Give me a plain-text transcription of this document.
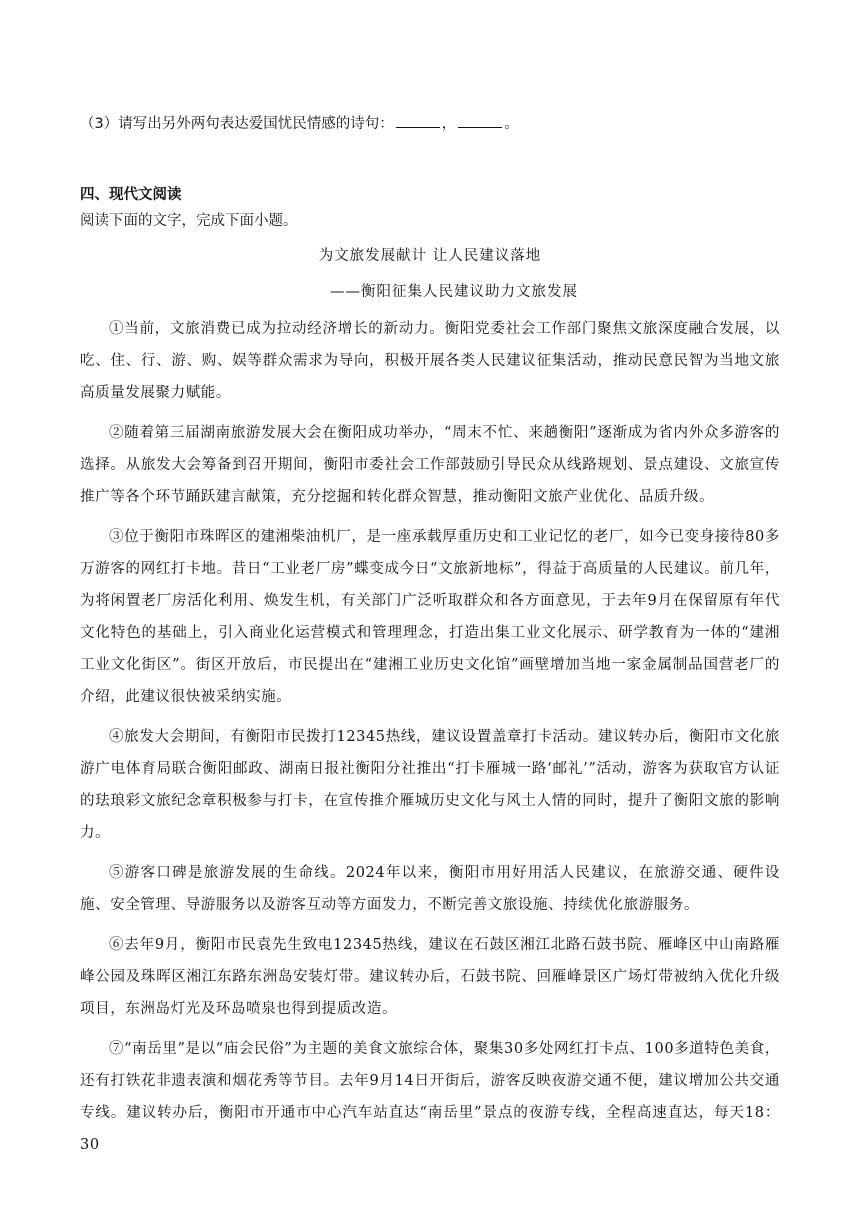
（3）请写出另外两句表达爱国忧民情感的诗句：	，	。
四、现代文阅读
阅读下面的文字，完成下面小题。
为文旅发展献计 让人民建议落地
——衡阳征集人民建议助力文旅发展

①当前，文旅消费已成为拉动经济增长的新动力。衡阳党委社会工作部门聚焦文旅深度融合发展，以吃、住、行、游、购、娱等群众需求为导向，积极开展各类人民建议征集活动，推动民意民智为当地文旅高质量发展聚力赋能。

②随着第三届湖南旅游发展大会在衡阳成功举办，“周末不忙、来趟衡阳”逐渐成为省内外众多游客的选择。从旅发大会筹备到召开期间，衡阳市委社会工作部鼓励引导民众从线路规划、景点建设、文旅宣传推广等各个环节踊跃建言献策，充分挖掘和转化群众智慧，推动衡阳文旅产业优化、品质升级。

③位于衡阳市珠晖区的建湘柴油机厂，是一座承载厚重历史和工业记忆的老厂，如今已变身接待80多万游客的网红打卡地。昔日“工业老厂房”蝶变成今日“文旅新地标”，得益于高质量的人民建议。前几年，为将闲置老厂房活化利用、焕发生机，有关部门广泛听取群众和各方面意见，于去年9月在保留原有年代文化特色的基础上，引入商业化运营模式和管理理念，打造出集工业文化展示、研学教育为一体的“建湘工业文化街区”。街区开放后，市民提出在“建湘工业历史文化馆”画壁增加当地一家金属制品国营老厂的介绍，此建议很快被采纳实施。

④旅发大会期间，有衡阳市民拨打12345热线，建议设置盖章打卡活动。建议转办后，衡阳市文化旅游广电体育局联合衡阳邮政、湖南日报社衡阳分社推出“打卡雁城一路‘邮礼’”活动，游客为获取官方认证的珐琅彩文旅纪念章积极参与打卡，在宣传推介雁城历史文化与风土人情的同时，提升了衡阳文旅的影响力。

⑤游客口碑是旅游发展的生命线。2024年以来，衡阳市用好用活人民建议，在旅游交通、硬件设施、安全管理、导游服务以及游客互动等方面发力，不断完善文旅设施、持续优化旅游服务。

⑥去年9月，衡阳市民袁先生致电12345热线，建议在石鼓区湘江北路石鼓书院、雁峰区中山南路雁峰公园及珠晖区湘江东路东洲岛安装灯带。建议转办后，石鼓书院、回雁峰景区广场灯带被纳入优化升级项目，东洲岛灯光及环岛喷泉也得到提质改造。

⑦“南岳里”是以“庙会民俗”为主题的美食文旅综合体，聚集30多处网红打卡点、100多道特色美食，还有打铁花非遗表演和烟花秀等节目。去年9月14日开街后，游客反映夜游交通不便，建议增加公共交通专线。建议转办后，衡阳市开通市中心汽车站直达“南岳里”景点的夜游专线，全程高速直达，每天18：30
